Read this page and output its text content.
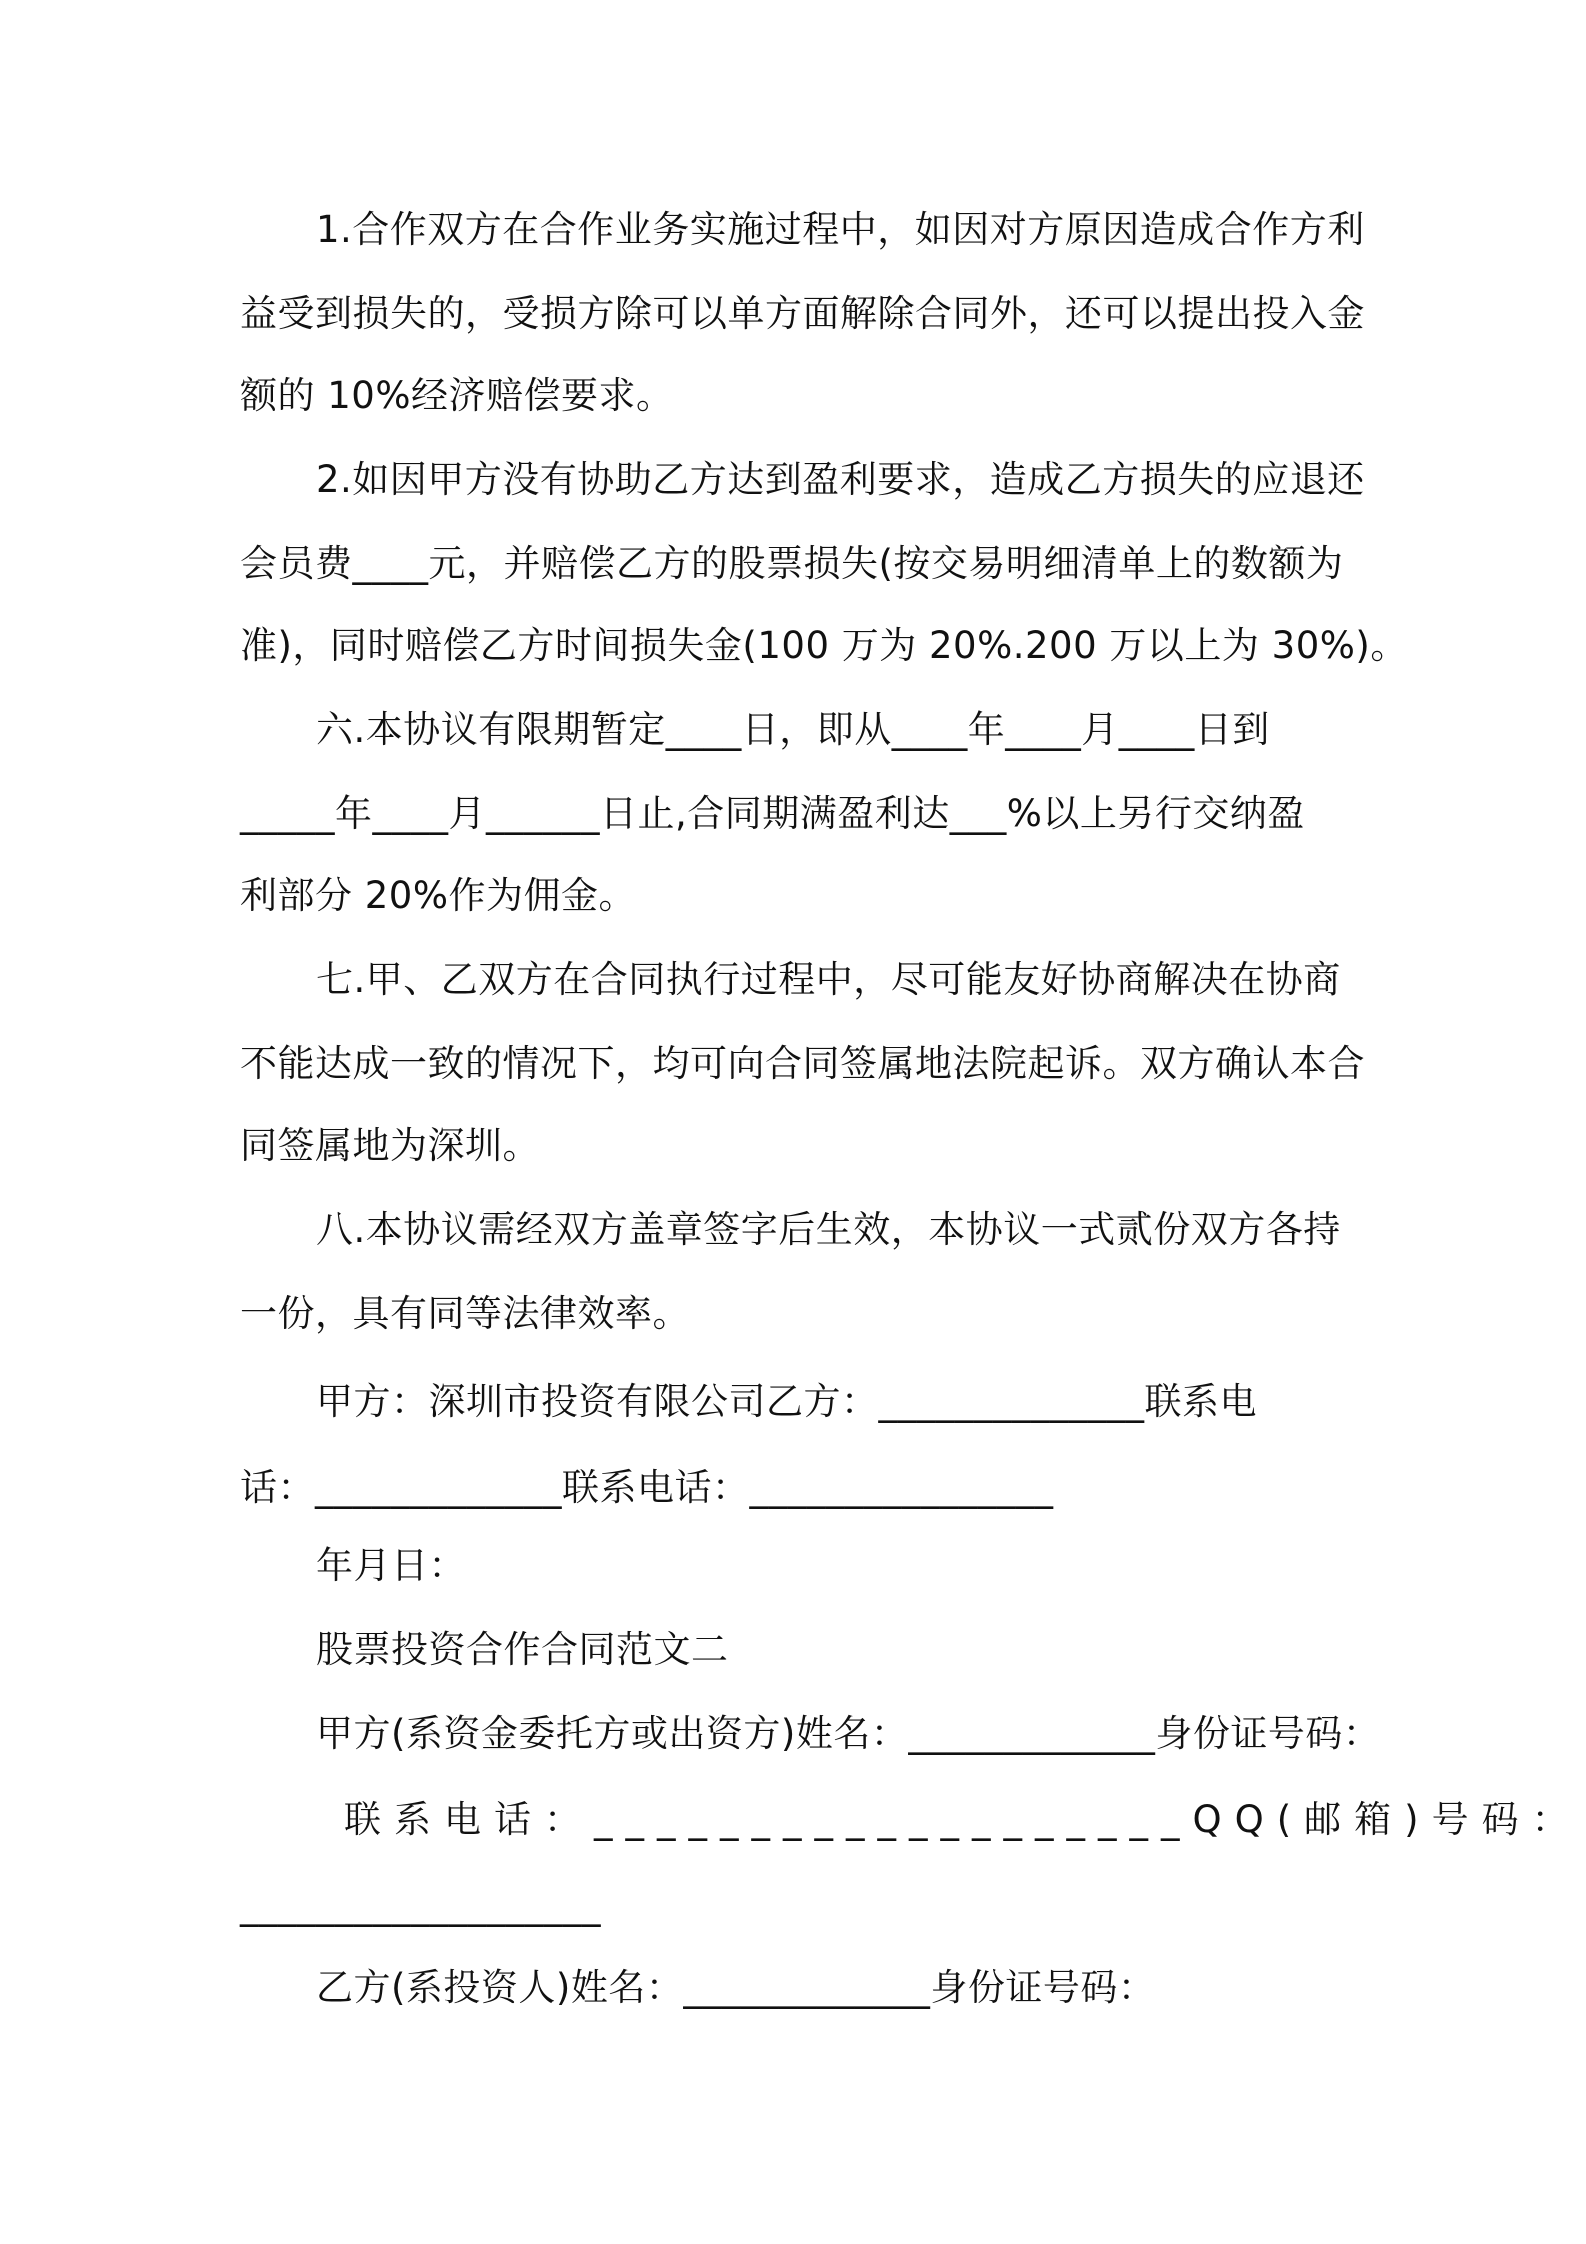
1.合作双方在合作业务实施过程中，如因对方原因造成合作方利
益受到损失的，受损方除可以单方面解除合同外，还可以提出投入金
额的 10%经济赔偿要求。
2.如因甲方没有协助乙方达到盈利要求，造成乙方损失的应退还
会员费____元，并赔偿乙方的股票损失(按交易明细清单上的数额为
准)，同时赔偿乙方时间损失金(100 万为 20%.200 万以上为 30%)。
六.本协议有限期暂定____日，即从____年____月____日到
_____年____月______日止,合同期满盈利达___%以上另行交纳盈
利部分 20%作为佣金。
七.甲、乙双方在合同执行过程中，尽可能友好协商解决在协商
不能达成一致的情况下，均可向合同签属地法院起诉。双方确认本合
同签属地为深圳。
八.本协议需经双方盖章签字后生效，本协议一式贰份双方各持
一份，具有同等法律效率。
甲方：深圳市投资有限公司乙方：______________联系电
话：_____________联系电话：________________
年月日：
股票投资合作合同范文二
甲方(系资金委托方或出资方)姓名：_____________身份证号码：
联系电话：___________________QQ(邮箱)号码：
___________________
乙方(系投资人)姓名：_____________身份证号码：
